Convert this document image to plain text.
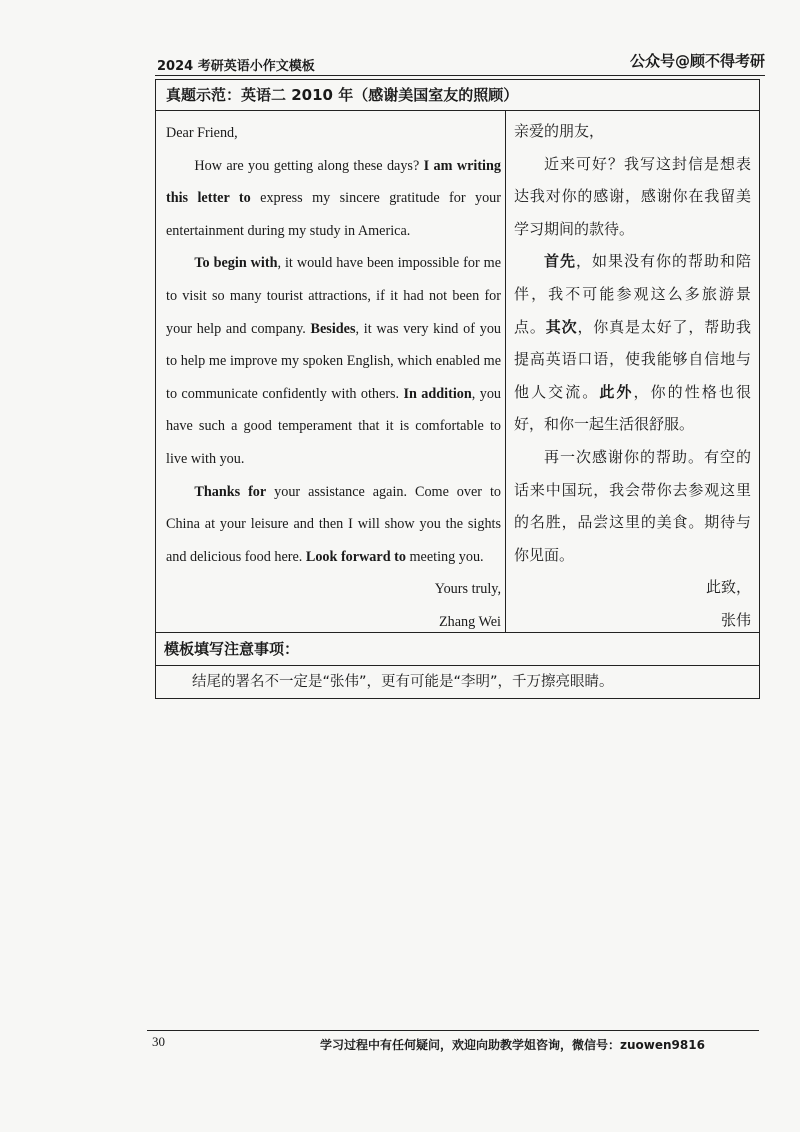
2024 考研英语小作文模板	公众号@顾不得考研
真题示范：英语二 2010 年（感谢美国室友的照顾）

Dear Friend,

How are you getting along these days? I am writing this letter to express my sincere gratitude for your entertainment during my study in America.

To begin with, it would have been impossible for me to visit so many tourist attractions, if it had not been for your help and company. Besides, it was very kind of you to help me improve my spoken English, which enabled me to communicate confidently with others. In addition, you have such a good temperament that it is comfortable to live with you.

Thanks for your assistance again. Come over to China at your leisure and then I will show you the sights and delicious food here. Look forward to meeting you.

Yours truly,

Zhang Wei

亲爱的朋友，

近来可好？我写这封信是想表达我对你的感谢，感谢你在我留美学习期间的款待。

首先，如果没有你的帮助和陪伴，我不可能参观这么多旅游景点。其次，你真是太好了，帮助我提高英语口语，使我能够自信地与他人交流。此外，你的性格也很好，和你一起生活很舒服。

再一次感谢你的帮助。有空的话来中国玩，我会带你去参观这里的名胜，品尝这里的美食。期待与你见面。

此致，

张伟

模板填写注意事项：
结尾的署名不一定是“张伟”，更有可能是“李明”，千万擦亮眼睛。
30	学习过程中有任何疑问，欢迎向助教学姐咨询，微信号：zuowen9816
